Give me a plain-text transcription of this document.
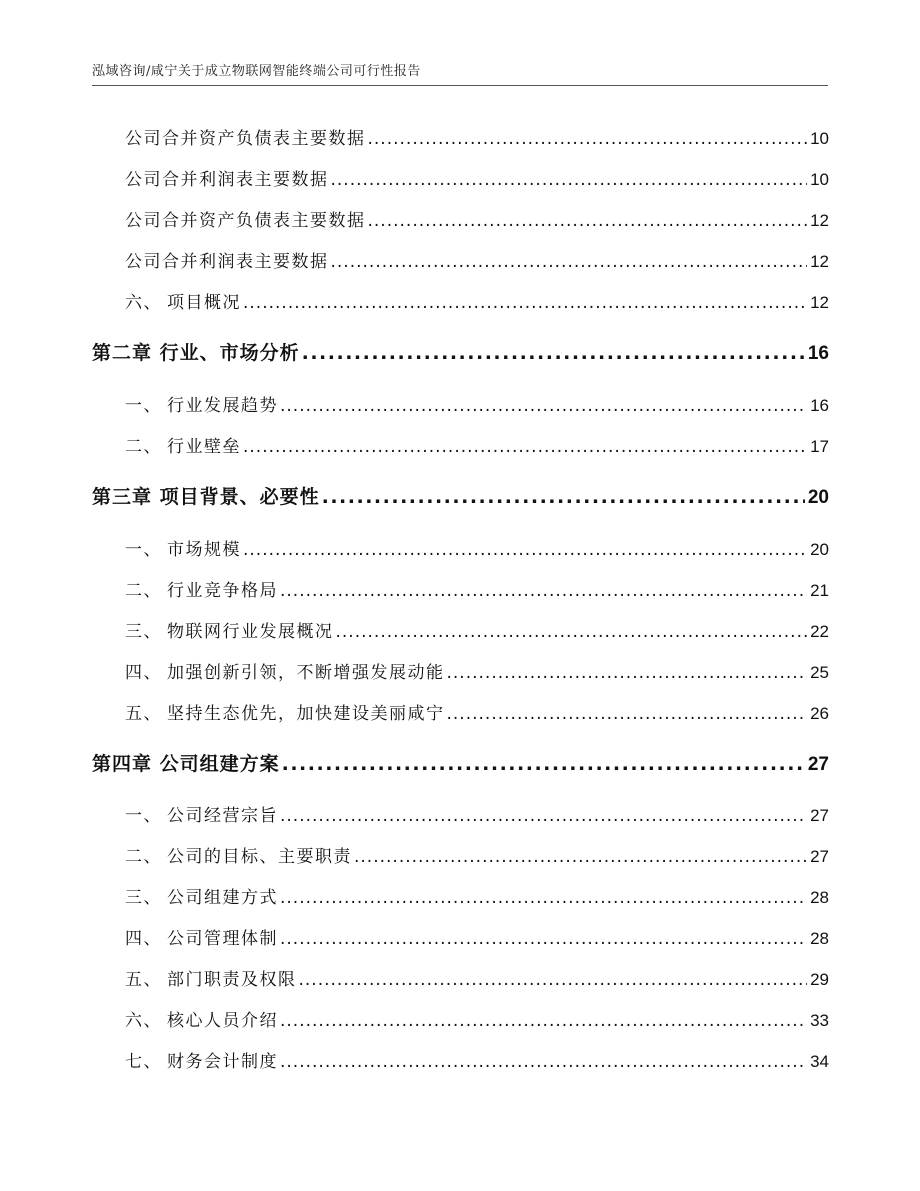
泓域咨询/咸宁关于成立物联网智能终端公司可行性报告
公司合并资产负债表主要数据 .....	10
公司合并利润表主要数据 .....	10
公司合并资产负债表主要数据 .....	12
公司合并利润表主要数据 .....	12
六、 项目概况 .....	12
第二章 行业、市场分析 .....	16
一、 行业发展趋势 .....	16
二、 行业壁垒 .....	17
第三章 项目背景、必要性 .....	20
一、 市场规模 .....	20
二、 行业竞争格局 .....	21
三、 物联网行业发展概况 .....	22
四、 加强创新引领，不断增强发展动能 .....	25
五、 坚持生态优先，加快建设美丽咸宁 .....	26
第四章 公司组建方案 .....	27
一、 公司经营宗旨 .....	27
二、 公司的目标、主要职责 .....	27
三、 公司组建方式 .....	28
四、 公司管理体制 .....	28
五、 部门职责及权限 .....	29
六、 核心人员介绍 .....	33
七、 财务会计制度 .....	34
